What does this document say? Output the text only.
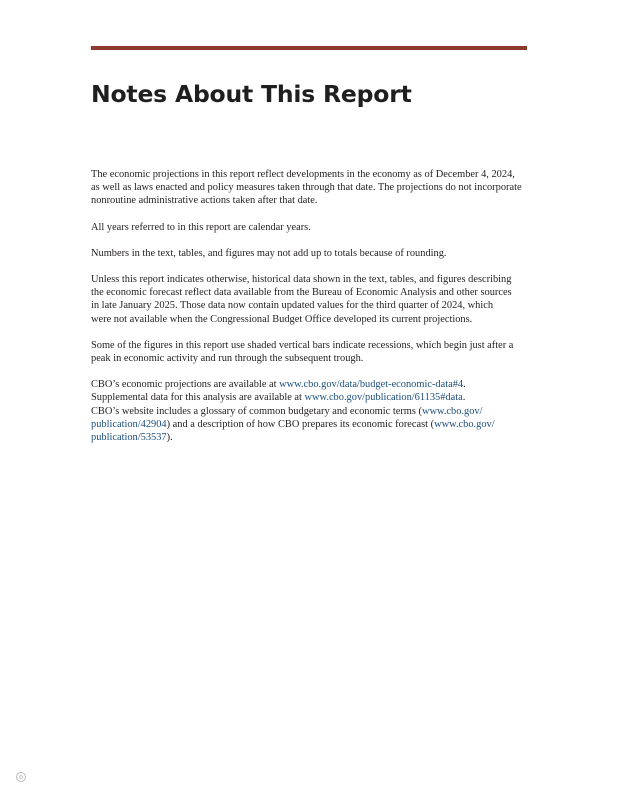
Notes About This Report

The economic projections in this report reflect developments in the economy as of December 4, 2024,
as well as laws enacted and policy measures taken through that date. The projections do not incorporate
nonroutine administrative actions taken after that date.

All years referred to in this report are calendar years.

Numbers in the text, tables, and figures may not add up to totals because of rounding.

Unless this report indicates otherwise, historical data shown in the text, tables, and figures describing
the economic forecast reflect data available from the Bureau of Economic Analysis and other sources
in late January 2025. Those data now contain updated values for the third quarter of 2024, which
were not available when the Congressional Budget Office developed its current projections.

Some of the figures in this report use shaded vertical bars indicate recessions, which begin just after a
peak in economic activity and run through the subsequent trough.

CBO’s economic projections are available at www.cbo.gov/data/budget-economic-data#4.
Supplemental data for this analysis are available at www.cbo.gov/publication/61135#data.
CBO’s website includes a glossary of common budgetary and economic terms (www.cbo.gov/
publication/42904) and a description of how CBO prepares its economic forecast (www.cbo.gov/
publication/53537).
